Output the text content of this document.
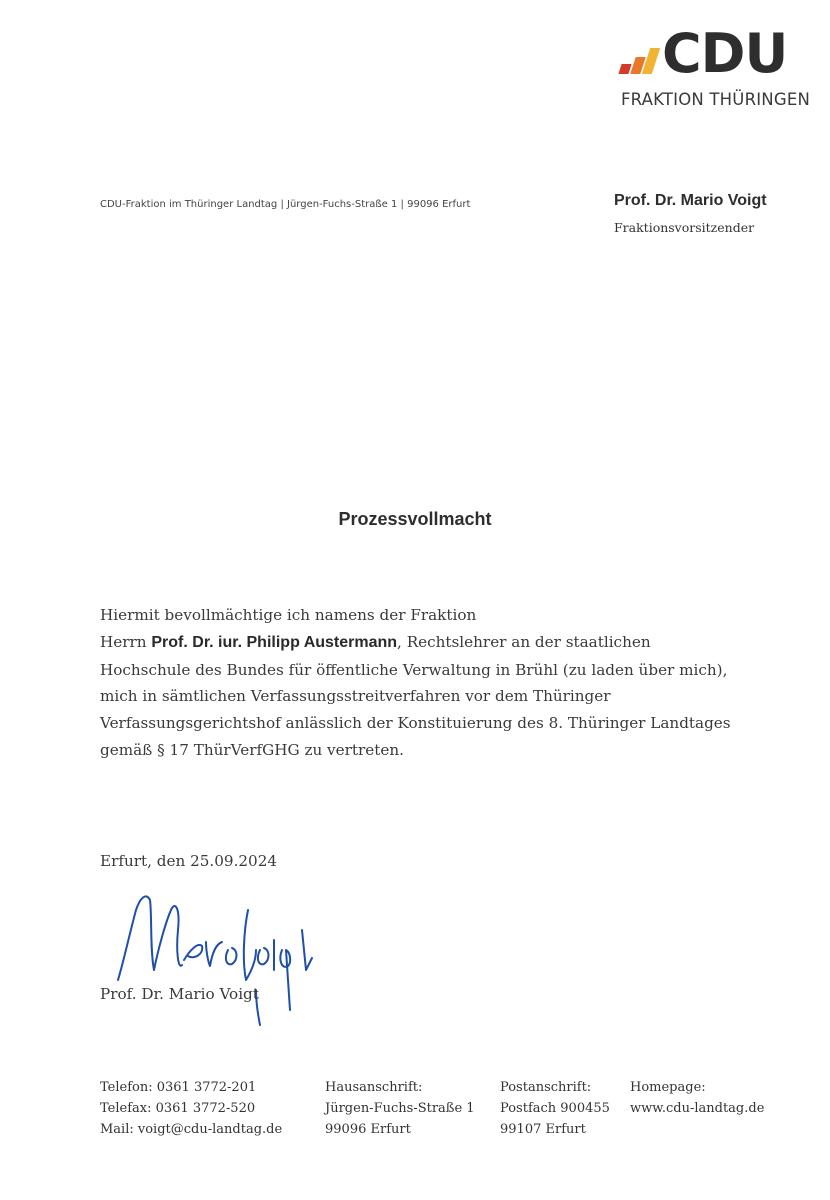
CDU
FRAKTION THÜRINGEN
CDU-Fraktion im Thüringer Landtag | Jürgen-Fuchs-Straße 1 | 99096 Erfurt	Prof. Dr. Mario Voigt
Fraktionsvorsitzender
Prozessvollmacht
Hiermit bevollmächtige ich namens der Fraktion
Herrn Prof. Dr. iur. Philipp Austermann, Rechtslehrer an der staatlichen
Hochschule des Bundes für öffentliche Verwaltung in Brühl (zu laden über mich),
mich in sämtlichen Verfassungsstreitverfahren vor dem Thüringer
Verfassungsgerichtshof anlässlich der Konstituierung des 8. Thüringer Landtages
gemäß § 17 ThürVerfGHG zu vertreten.
Erfurt, den 25.09.2024
Prof. Dr. Mario Voigt
Telefon: 0361 3772-201
Telefax: 0361 3772-520
Mail: voigt@cdu-landtag.de
Hausanschrift:
Jürgen-Fuchs-Straße 1
99096 Erfurt
Postanschrift:
Postfach 900455
99107 Erfurt
Homepage:
www.cdu-landtag.de
